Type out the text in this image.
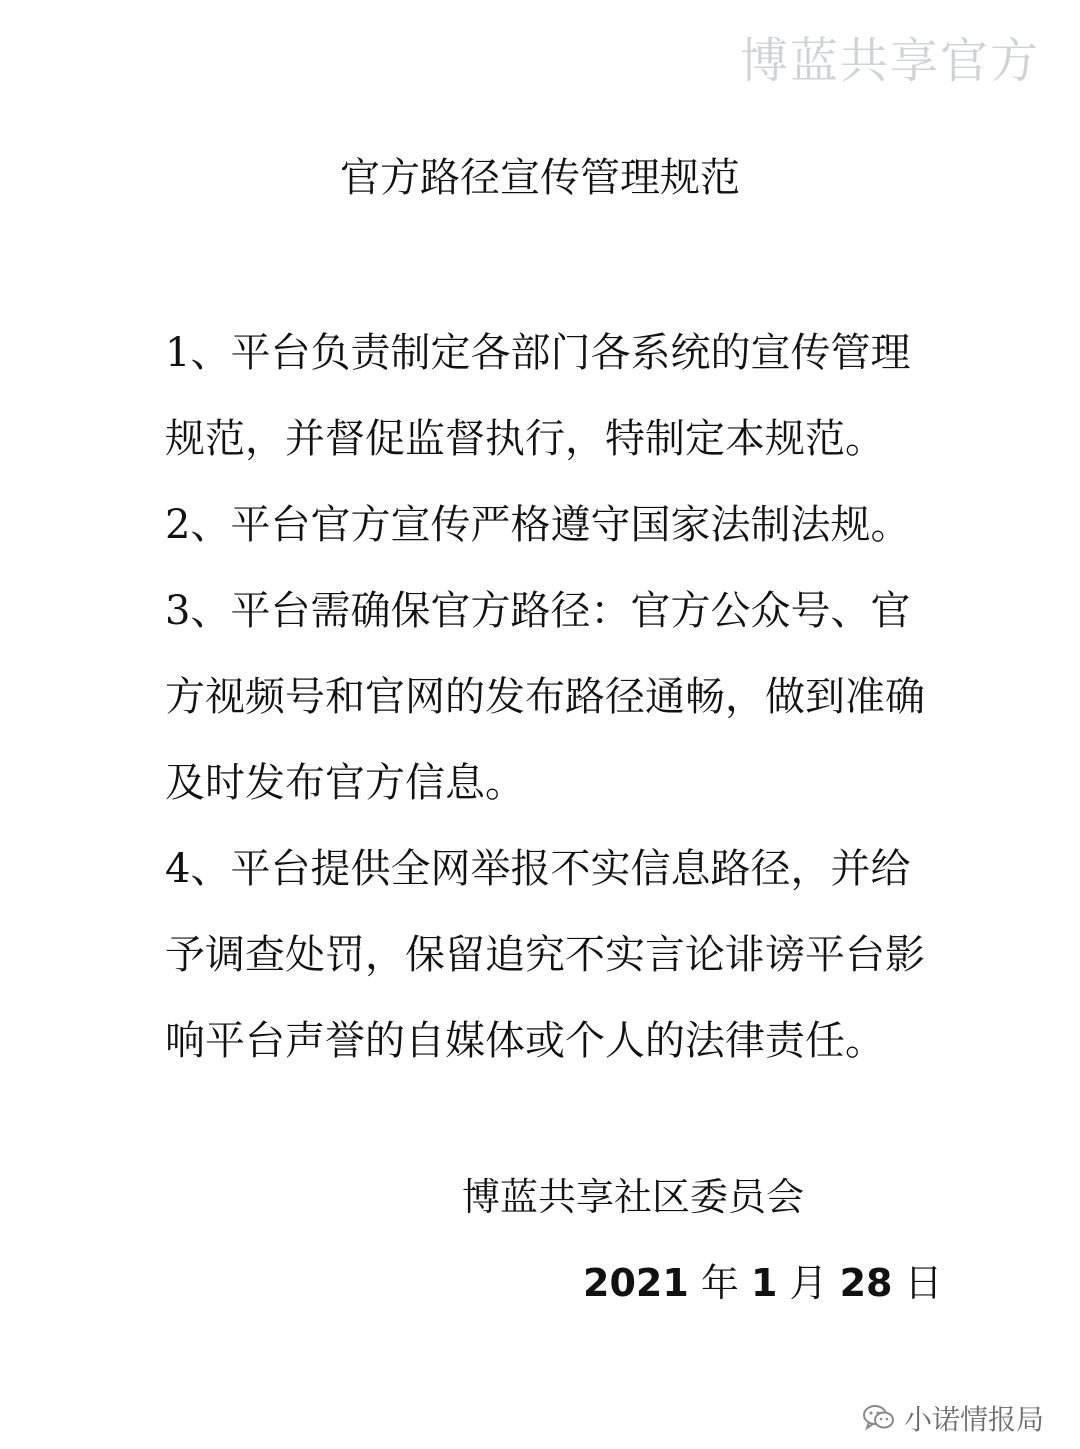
博蓝共享官方
官方路径宣传管理规范

1、平台负责制定各部门各系统的宣传管理规范，并督促监督执行，特制定本规范。

2、平台官方宣传严格遵守国家法制法规。

3、平台需确保官方路径：官方公众号、官方视频号和官网的发布路径通畅，做到准确及时发布官方信息。

4、平台提供全网举报不实信息路径，并给予调查处罚，保留追究不实言论诽谤平台影响平台声誉的自媒体或个人的法律责任。

博蓝共享社区委员会
2021 年 1 月 28 日
小诺情报局
